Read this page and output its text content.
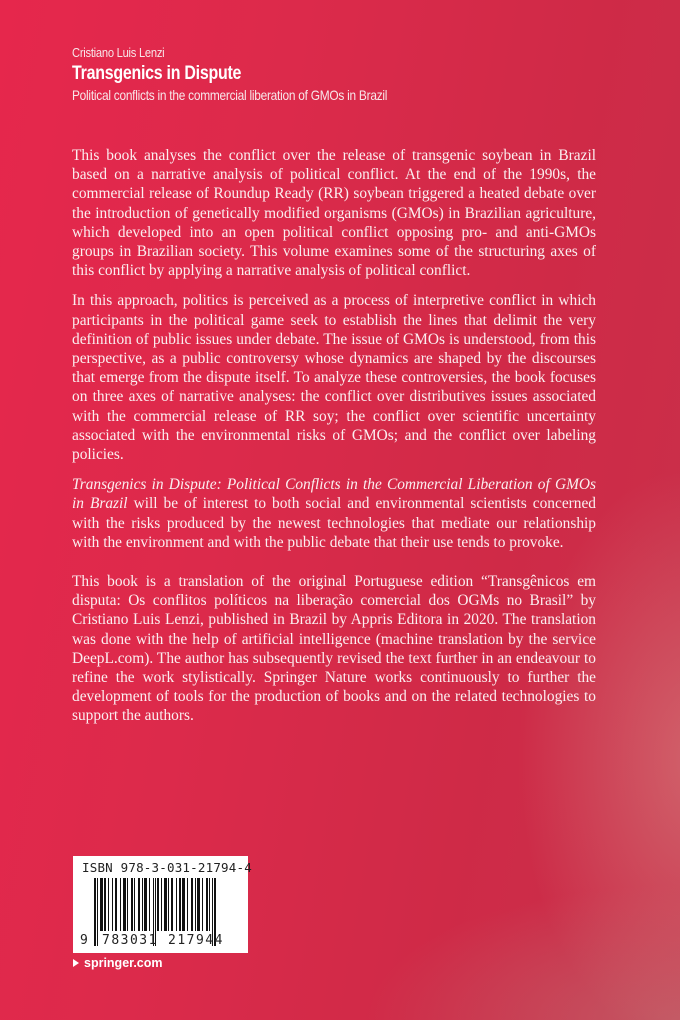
Cristiano Luis Lenzi
Transgenics in Dispute
Political conflicts in the commercial liberation of GMOs in Brazil

This book analyses the conflict over the release of transgenic soybean in Brazil based on a narrative analysis of political conflict. At the end of the 1990s, the commercial release of Roundup Ready (RR) soybean triggered a heated debate over the introduction of genetically modified organisms (GMOs) in Brazilian agriculture, which developed into an open political conflict opposing pro- and anti-GMOs groups in Brazilian society. This volume examines some of the structuring axes of this conflict by applying a narrative analysis of political conflict.

In this approach, politics is perceived as a process of interpretive conflict in which participants in the political game seek to establish the lines that delimit the very definition of public issues under debate. The issue of GMOs is understood, from this perspective, as a public controversy whose dynamics are shaped by the discourses that emerge from the dispute itself. To analyze these controversies, the book focuses on three axes of narrative analyses: the conflict over distributives issues associated with the commercial release of RR soy; the conflict over scientific uncertainty associated with the environmental risks of GMOs; and the conflict over labeling policies.

Transgenics in Dispute: Political Conflicts in the Commercial Liberation of GMOs in Brazil will be of interest to both social and environmental scientists concerned with the risks produced by the newest technologies that mediate our relationship with the environment and with the public debate that their use tends to provoke.

This book is a translation of the original Portuguese edition “Transgênicos em disputa: Os conflitos políticos na liberação comercial dos OGMs no Brasil” by Cristiano Luis Lenzi, published in Brazil by Appris Editora in 2020. The translation was done with the help of artificial intelligence (machine translation by the service DeepL.com). The author has subsequently revised the text further in an endeavour to refine the work stylistically. Springer Nature works continuously to further the development of tools for the production of books and on the related technologies to support the authors.

ISBN 978-3-031-21794-4
9 783031 217944
springer.com
